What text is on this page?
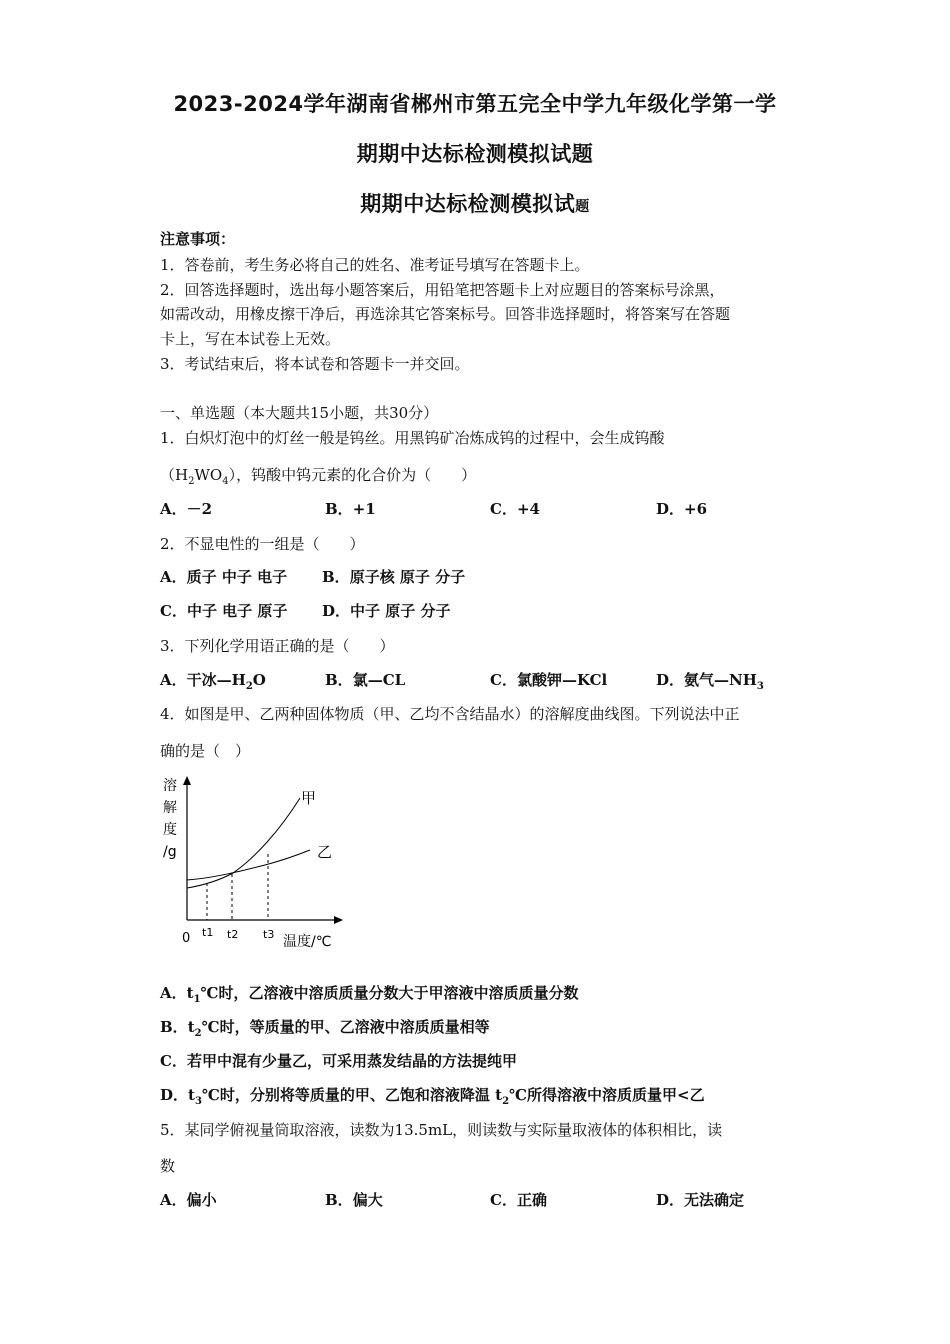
2023-2024学年湖南省郴州市第五完全中学九年级化学第一学
期期中达标检测模拟试题
期期中达标检测模拟试题
注意事项：
1．答卷前，考生务必将自己的姓名、准考证号填写在答题卡上。
2．回答选择题时，选出每小题答案后，用铅笔把答题卡上对应题目的答案标号涂黑，
如需改动，用橡皮擦干净后，再选涂其它答案标号。回答非选择题时，将答案写在答题
卡上，写在本试卷上无效。
3．考试结束后，将本试卷和答题卡一并交回。
一、单选题（本大题共15小题，共30分）
1．白炽灯泡中的灯丝一般是钨丝。用黑钨矿冶炼成钨的过程中，会生成钨酸
$(H_2WO_4)$，钨酸中钨元素的化合价为（　　）
A．－2	B．+1	C．+4	D．+6
2．不显电性的一组是（　　）
A．质子 中子 电子 B．原子核 原子 分子
C．中子 电子 原子 D．中子 原子 分子
3．下列化学用语正确的是（　　）
A．干冰$—H_2O$	B．氯—CL	C．氯酸钾—KCl	D．氨气$—NH_3$
4．如图是甲、乙两种固体物质（甲、乙均不含结晶水）的溶解度曲线图。下列说法中正
确的是（　）
溶
解
度
/g
甲
乙
0 t1 t2 t3 温度/℃
A．$t_1℃$时，乙溶液中溶质质量分数大于甲溶液中溶质质量分数
B．$t_2℃$时，等质量的甲、乙溶液中溶质质量相等
C．若甲中混有少量乙，可采用蒸发结晶的方法提纯甲
D．$t_3℃$时，分别将等质量的甲、乙饱和溶液降温 $t_2℃$所得溶液中溶质质量甲<乙
5．某同学俯视量筒取溶液，读数为13.5mL，则读数与实际量取液体的体积相比，读
数
A．偏小	B．偏大	C．正确	D．无法确定
